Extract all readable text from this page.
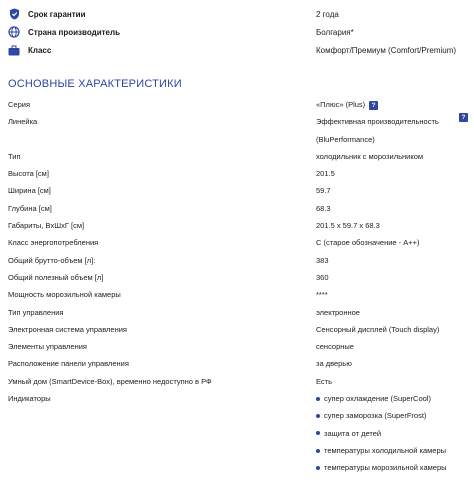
Срок гарантии	2 года
Страна производитель	Болгария*
Класс	Комфорт/Премиум (Comfort/Premium)
ОСНОВНЫЕ ХАРАКТЕРИСТИКИ
Серия	«Плюс» (Plus) ?
Линейка	Эффективная производительность
(BluPerformance)
?
Тип	холодильник с морозильником
Высота [см]	201.5
Ширина [см]	59.7
Глубина [см]	68.3
Габариты, ВxШxГ [см]	201.5 x 59.7 x 68.3
Класс энергопотребления	C (старое обозначение - A++)
Общий брутто-объем [л]:	383
Общий полезный объем [л]	360
Мощность морозильной камеры	****
Тип управления	электронное
Электронная система управления	Сенсорный дисплей (Touch display)
Элементы управления	сенсорные
Расположение панели управления	за дверью
Умный дом (SmartDevice-Box), временно недоступно в РФ	Есть
Индикаторы	супер охлаждение (SuperCool)
супер заморозка (SuperFrost)
защита от детей
температуры холодильной камеры
температуры морозильной камеры
